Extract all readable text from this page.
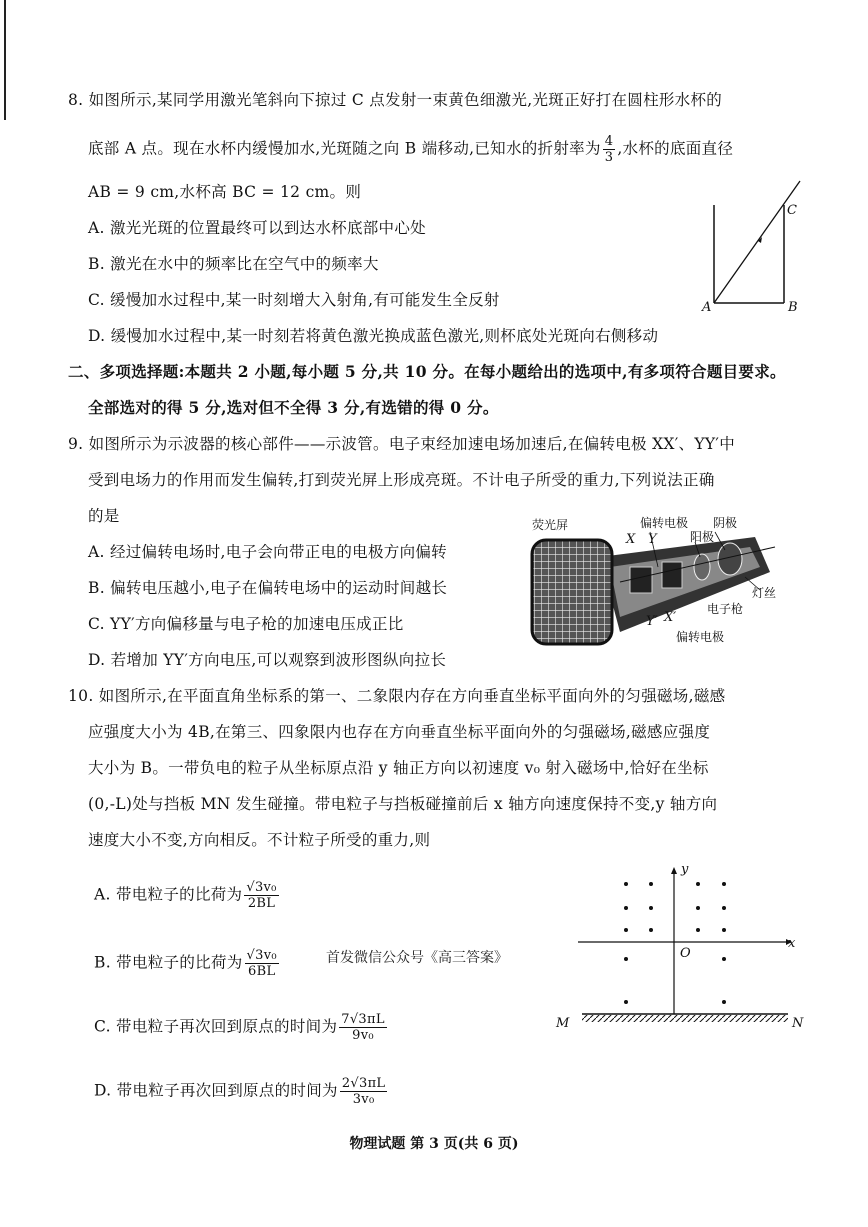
8. 如图所示,某同学用激光笔斜向下掠过 C 点发射一束黄色细激光,光斑正好打在圆柱形水杯的
底部 A 点。现在水杯内缓慢加水,光斑随之向 B 端移动,已知水的折射率为 $\frac{4}{3}$ ,水杯的底面直径
AB = 9 cm,水杯高 BC = 12 cm。则
A. 激光光斑的位置最终可以到达水杯底部中心处
B. 激光在水中的频率比在空气中的频率大
C. 缓慢加水过程中,某一时刻增大入射角,有可能发生全反射
D. 缓慢加水过程中,某一时刻若将黄色激光换成蓝色激光,则杯底处光斑向右侧移动
A	B
C
二、多项选择题:本题共 2 小题,每小题 5 分,共 10 分。在每小题给出的选项中,有多项符合题目要求。
全部选对的得 5 分,选对但不全得 3 分,有选错的得 0 分。
9. 如图所示为示波器的核心部件——示波管。电子束经加速电场加速后,在偏转电极 XX′、YY′中
受到电场力的作用而发生偏转,打到荧光屏上形成亮斑。不计电子所受的重力,下列说法正确
的是
A. 经过偏转电场时,电子会向带正电的电极方向偏转
B. 偏转电压越小,电子在偏转电场中的运动时间越长
C. YY′方向偏移量与电子枪的加速电压成正比
D. 若增加 YY′方向电压,可以观察到波形图纵向拉长
荧光屏	偏转电极 阴极
阳极
X Y
灯丝
电子枪
Y′ X′
偏转电极
10. 如图所示,在平面直角坐标系的第一、二象限内存在方向垂直坐标平面向外的匀强磁场,磁感
应强度大小为 4B,在第三、四象限内也存在方向垂直坐标平面向外的匀强磁场,磁感应强度
大小为 B。一带负电的粒子从坐标原点沿 y 轴正方向以初速度 v₀ 射入磁场中,恰好在坐标
(0,-L)处与挡板 MN 发生碰撞。带电粒子与挡板碰撞前后 x 轴方向速度保持不变,y 轴方向
速度大小不变,方向相反。不计粒子所受的重力,则
A. 带电粒子的比荷为 $\frac{\text{√3v₀}}{2BL}$
B. 带电粒子的比荷为 $\frac{\text{√3v₀}}{6BL}$
C. 带电粒子再次回到原点的时间为 $\frac{7√3\pi L}{\text{9v₀}}$
D. 带电粒子再次回到原点的时间为 $\frac{2√3\pi L}{\text{3v₀}}$
首发微信公众号《高三答案》
y
x
O
M	N
物理试题 第 3 页(共 6 页)
